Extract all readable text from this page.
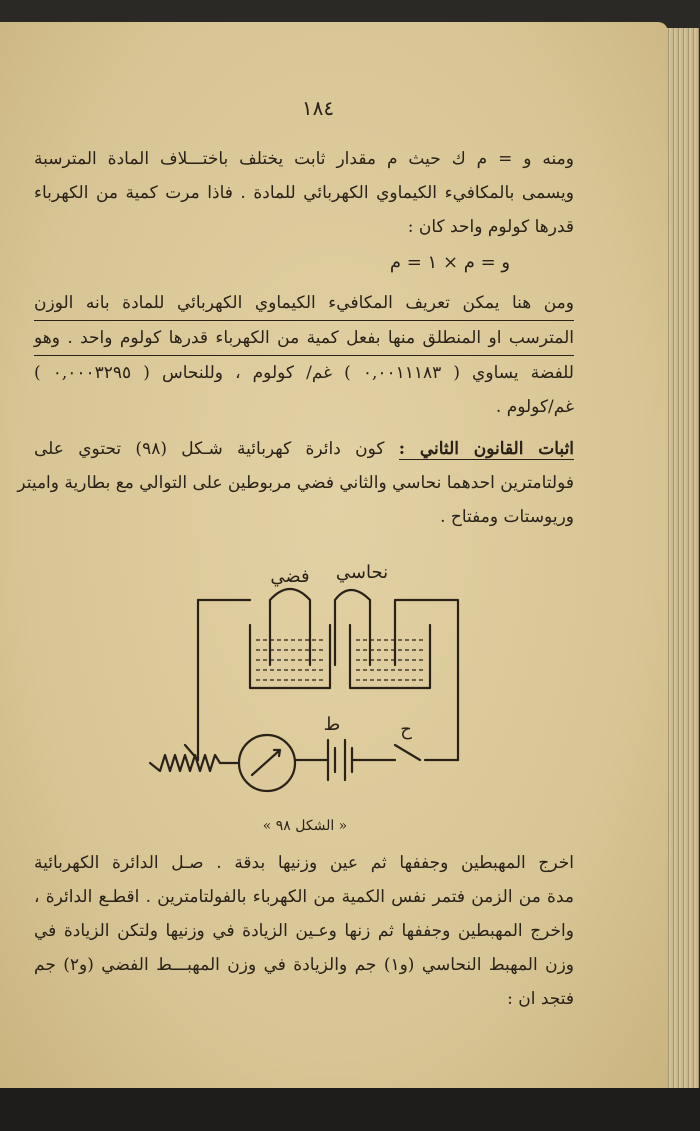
١٨٤
ومنه و = م ك حيث م مقدار ثابت يختلف باختـــلاف المادة المترسبة
ويسمى بالمكافيء الكيماوي الكهربائي للمادة . فاذا مرت كمية من الكهرباء
قدرها كولوم واحد كان :
و = م × ١ = م
ومن هنا يمكن تعريف المكافيء الكيماوي الكهربائي للمادة بانه الوزن
المترسب او المنطلق منها بفعل كمية من الكهرباء قدرها كولوم واحد . وهو
للفضة يساوي ( ٠,٠٠١١١٨٣ ) غم/ كولوم ، وللنحاس ( ٠,٠٠٠٣٢٩٥ )
غم/كولوم .
اثبات القانون الثاني : كون دائرة كهربائية شـكل (٩٨) تحتوي على
فولتامترين احدهما نحاسي والثاني فضي مربوطين على التوالي مع بطارية واميتر
وريوستات ومفتاح .
فضي نحاسي
ح
ط
« الشكل ٩٨ »
اخرج المهبطين وجففها ثم عين وزنيها بدقة . صـل الدائرة الكهربائية
مدة من الزمن فتمر نفس الكمية من الكهرباء بالفولتامترين . اقطـع الدائرة ،
واخرج المهبطين وجففها ثم زنها وعـين الزيادة في وزنيها ولتكن الزيادة في
وزن المهبط النحاسي (و١) جم والزيادة في وزن المهبـــط الفضي (و٢) جم
فتجد ان :
